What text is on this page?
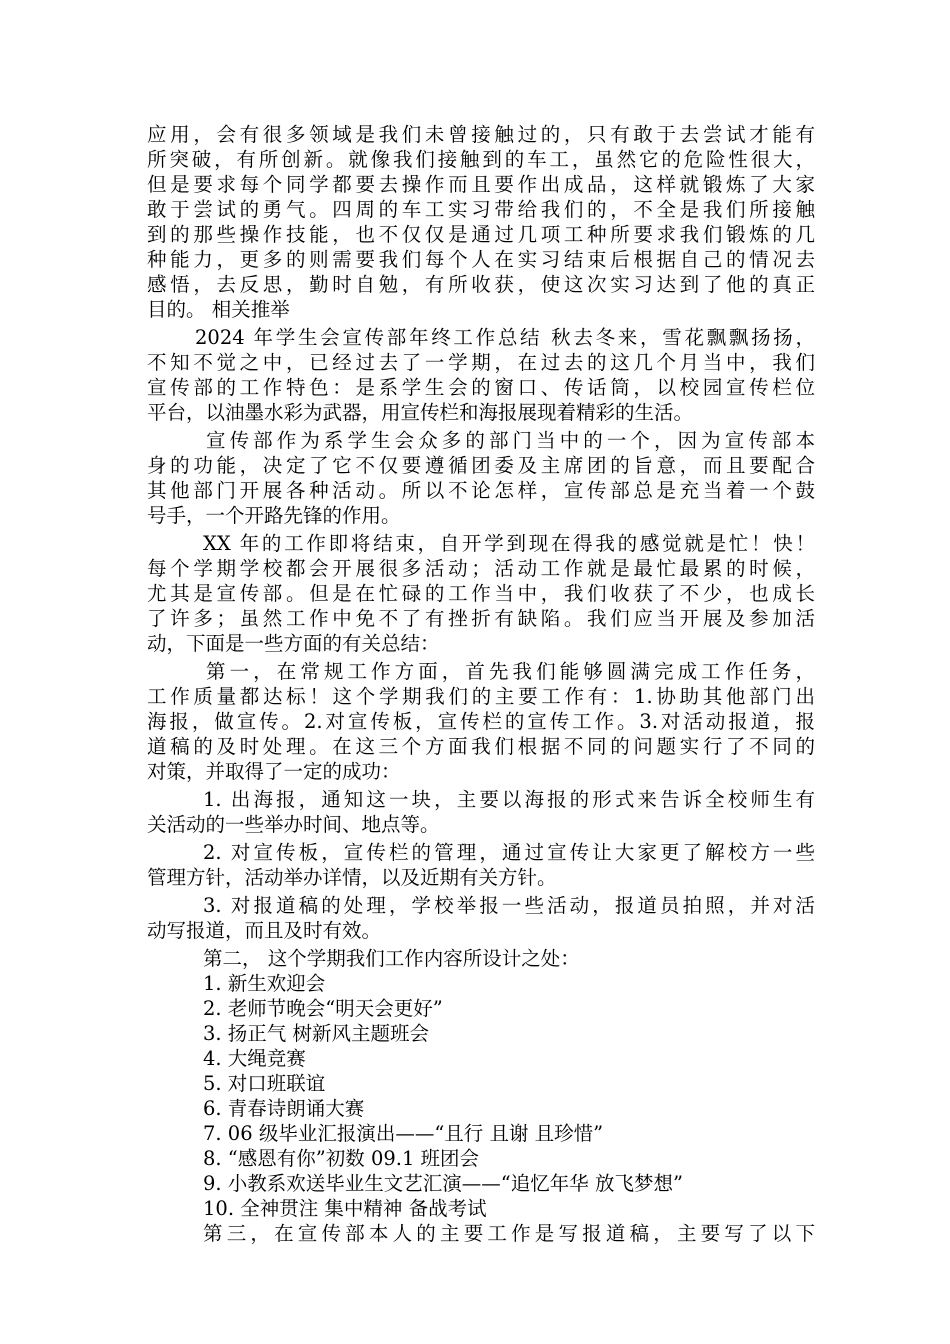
应用，会有很多领域是我们未曾接触过的，只有敢于去尝试才能有
所突破，有所创新。就像我们接触到的车工，虽然它的危险性很大，
但是要求每个同学都要去操作而且要作出成品，这样就锻炼了大家
敢于尝试的勇气。四周的车工实习带给我们的，不全是我们所接触
到的那些操作技能，也不仅仅是通过几项工种所要求我们锻炼的几
种能力，更多的则需要我们每个人在实习结束后根据自己的情况去
感悟，去反思，勤时自勉，有所收获，使这次实习达到了他的真正
目的。 相关推举
2024 年学生会宣传部年终工作总结 秋去冬来，雪花飘飘扬扬，
不知不觉之中，已经过去了一学期，在过去的这几个月当中，我们
宣传部的工作特色：是系学生会的窗口、传话筒，以校园宣传栏位
平台，以油墨水彩为武器，用宣传栏和海报展现着精彩的生活。
宣传部作为系学生会众多的部门当中的一个，因为宣传部本
身的功能，决定了它不仅要遵循团委及主席团的旨意，而且要配合
其他部门开展各种活动。所以不论怎样，宣传部总是充当着一个鼓
号手，一个开路先锋的作用。
XX 年的工作即将结束，自开学到现在得我的感觉就是忙！快！
每个学期学校都会开展很多活动；活动工作就是最忙最累的时候，
尤其是宣传部。但是在忙碌的工作当中，我们收获了不少，也成长
了许多；虽然工作中免不了有挫折有缺陷。我们应当开展及参加活
动，下面是一些方面的有关总结：
第一，在常规工作方面，首先我们能够圆满完成工作任务，
工作质量都达标！这个学期我们的主要工作有：1.协助其他部门出
海报，做宣传。2.对宣传板，宣传栏的宣传工作。3.对活动报道，报
道稿的及时处理。在这三个方面我们根据不同的问题实行了不同的
对策，并取得了一定的成功：
1. 出海报，通知这一块，主要以海报的形式来告诉全校师生有
关活动的一些举办时间、地点等。
2. 对宣传板，宣传栏的管理，通过宣传让大家更了解校方一些
管理方针，活动举办详情，以及近期有关方针。
3. 对报道稿的处理，学校举报一些活动，报道员拍照，并对活
动写报道，而且及时有效。
第二， 这个学期我们工作内容所设计之处：
1. 新生欢迎会
2. 老师节晚会“明天会更好”
3. 扬正气 树新风主题班会
4. 大绳竞赛
5. 对口班联谊
6. 青春诗朗诵大赛
7. 06 级毕业汇报演出——“且行 且谢 且珍惜”
8. “感恩有你”初数 09.1 班团会
9. 小教系欢送毕业生文艺汇演——“追忆年华 放飞梦想”
10. 全神贯注 集中精神 备战考试
第三，在宣传部本人的主要工作是写报道稿，主要写了以下
